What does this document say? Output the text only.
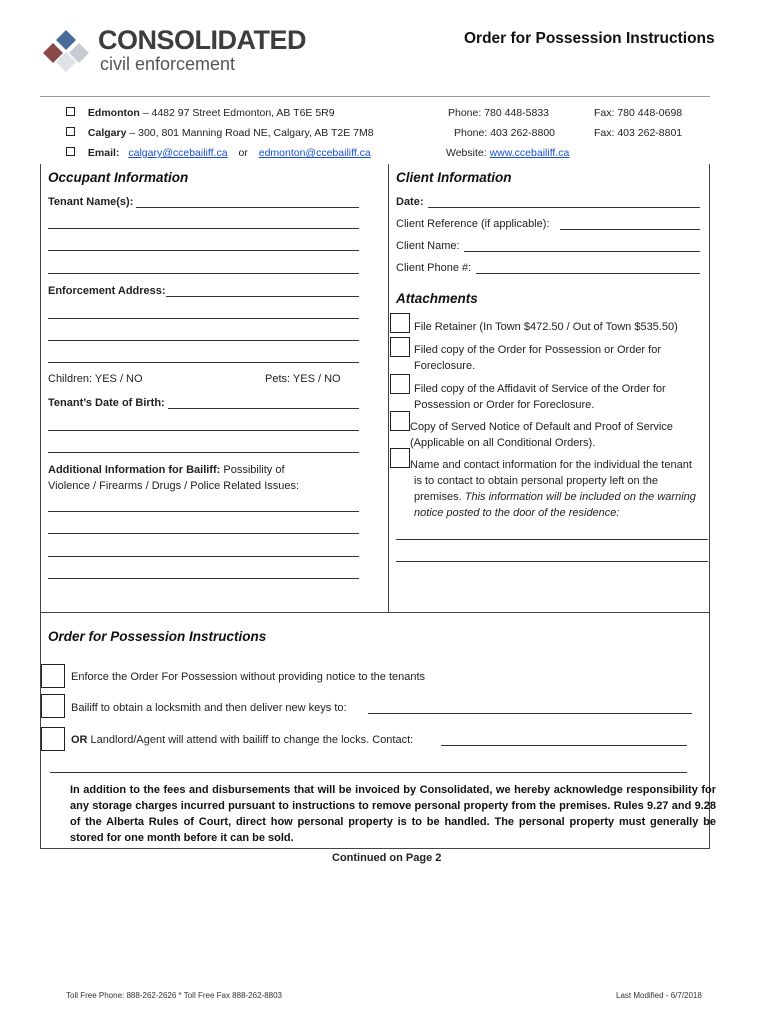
CONSOLIDATED
civil enforcement
Order for Possession Instructions
Edmonton – 4482 97 Street Edmonton, AB T6E 5R9	Phone: 780 448-5833	Fax: 780 448-0698
Calgary – 300, 801 Manning Road NE, Calgary, AB T2E 7M8	Phone: 403 262-8800	Fax: 403 262-8801
Email: calgary@ccebailiff.ca or edmonton@ccebailiff.ca	Website: www.ccebailiff.ca
Occupant Information
Tenant Name(s):
Enforcement Address:
Children: YES / NO	Pets: YES / NO
Tenant’s Date of Birth:
Additional Information for Bailiff: Possibility of
Violence / Firearms / Drugs / Police Related Issues:
Client Information
Date:
Client Reference (if applicable):
Client Name:
Client Phone #:
Attachments
File Retainer (In Town $472.50 / Out of Town $535.50)
Filed copy of the Order for Possession or Order for
Foreclosure.
Filed copy of the Affidavit of Service of the Order for
Possession or Order for Foreclosure.
Copy of Served Notice of Default and Proof of Service
(Applicable on all Conditional Orders).
Name and contact information for the individual the tenant
is to contact to obtain personal property left on the
premises. This information will be included on the warning
notice posted to the door of the residence:
Order for Possession Instructions
Enforce the Order For Possession without providing notice to the tenants
Bailiff to obtain a locksmith and then deliver new keys to:
OR Landlord/Agent will attend with bailiff to change the locks. Contact:
In addition to the fees and disbursements that will be invoiced by Consolidated, we hereby acknowledge responsibility for any storage charges incurred pursuant to instructions to remove personal property from the premises. Rules 9.27 and 9.28 of the Alberta Rules of Court, direct how personal property is to be handled. The personal property must generally be stored for one month before it can be sold.
Continued on Page 2
Toll Free Phone: 888-262-2626 * Toll Free Fax 888-262-8803	Last Modified - 6/7/2018
